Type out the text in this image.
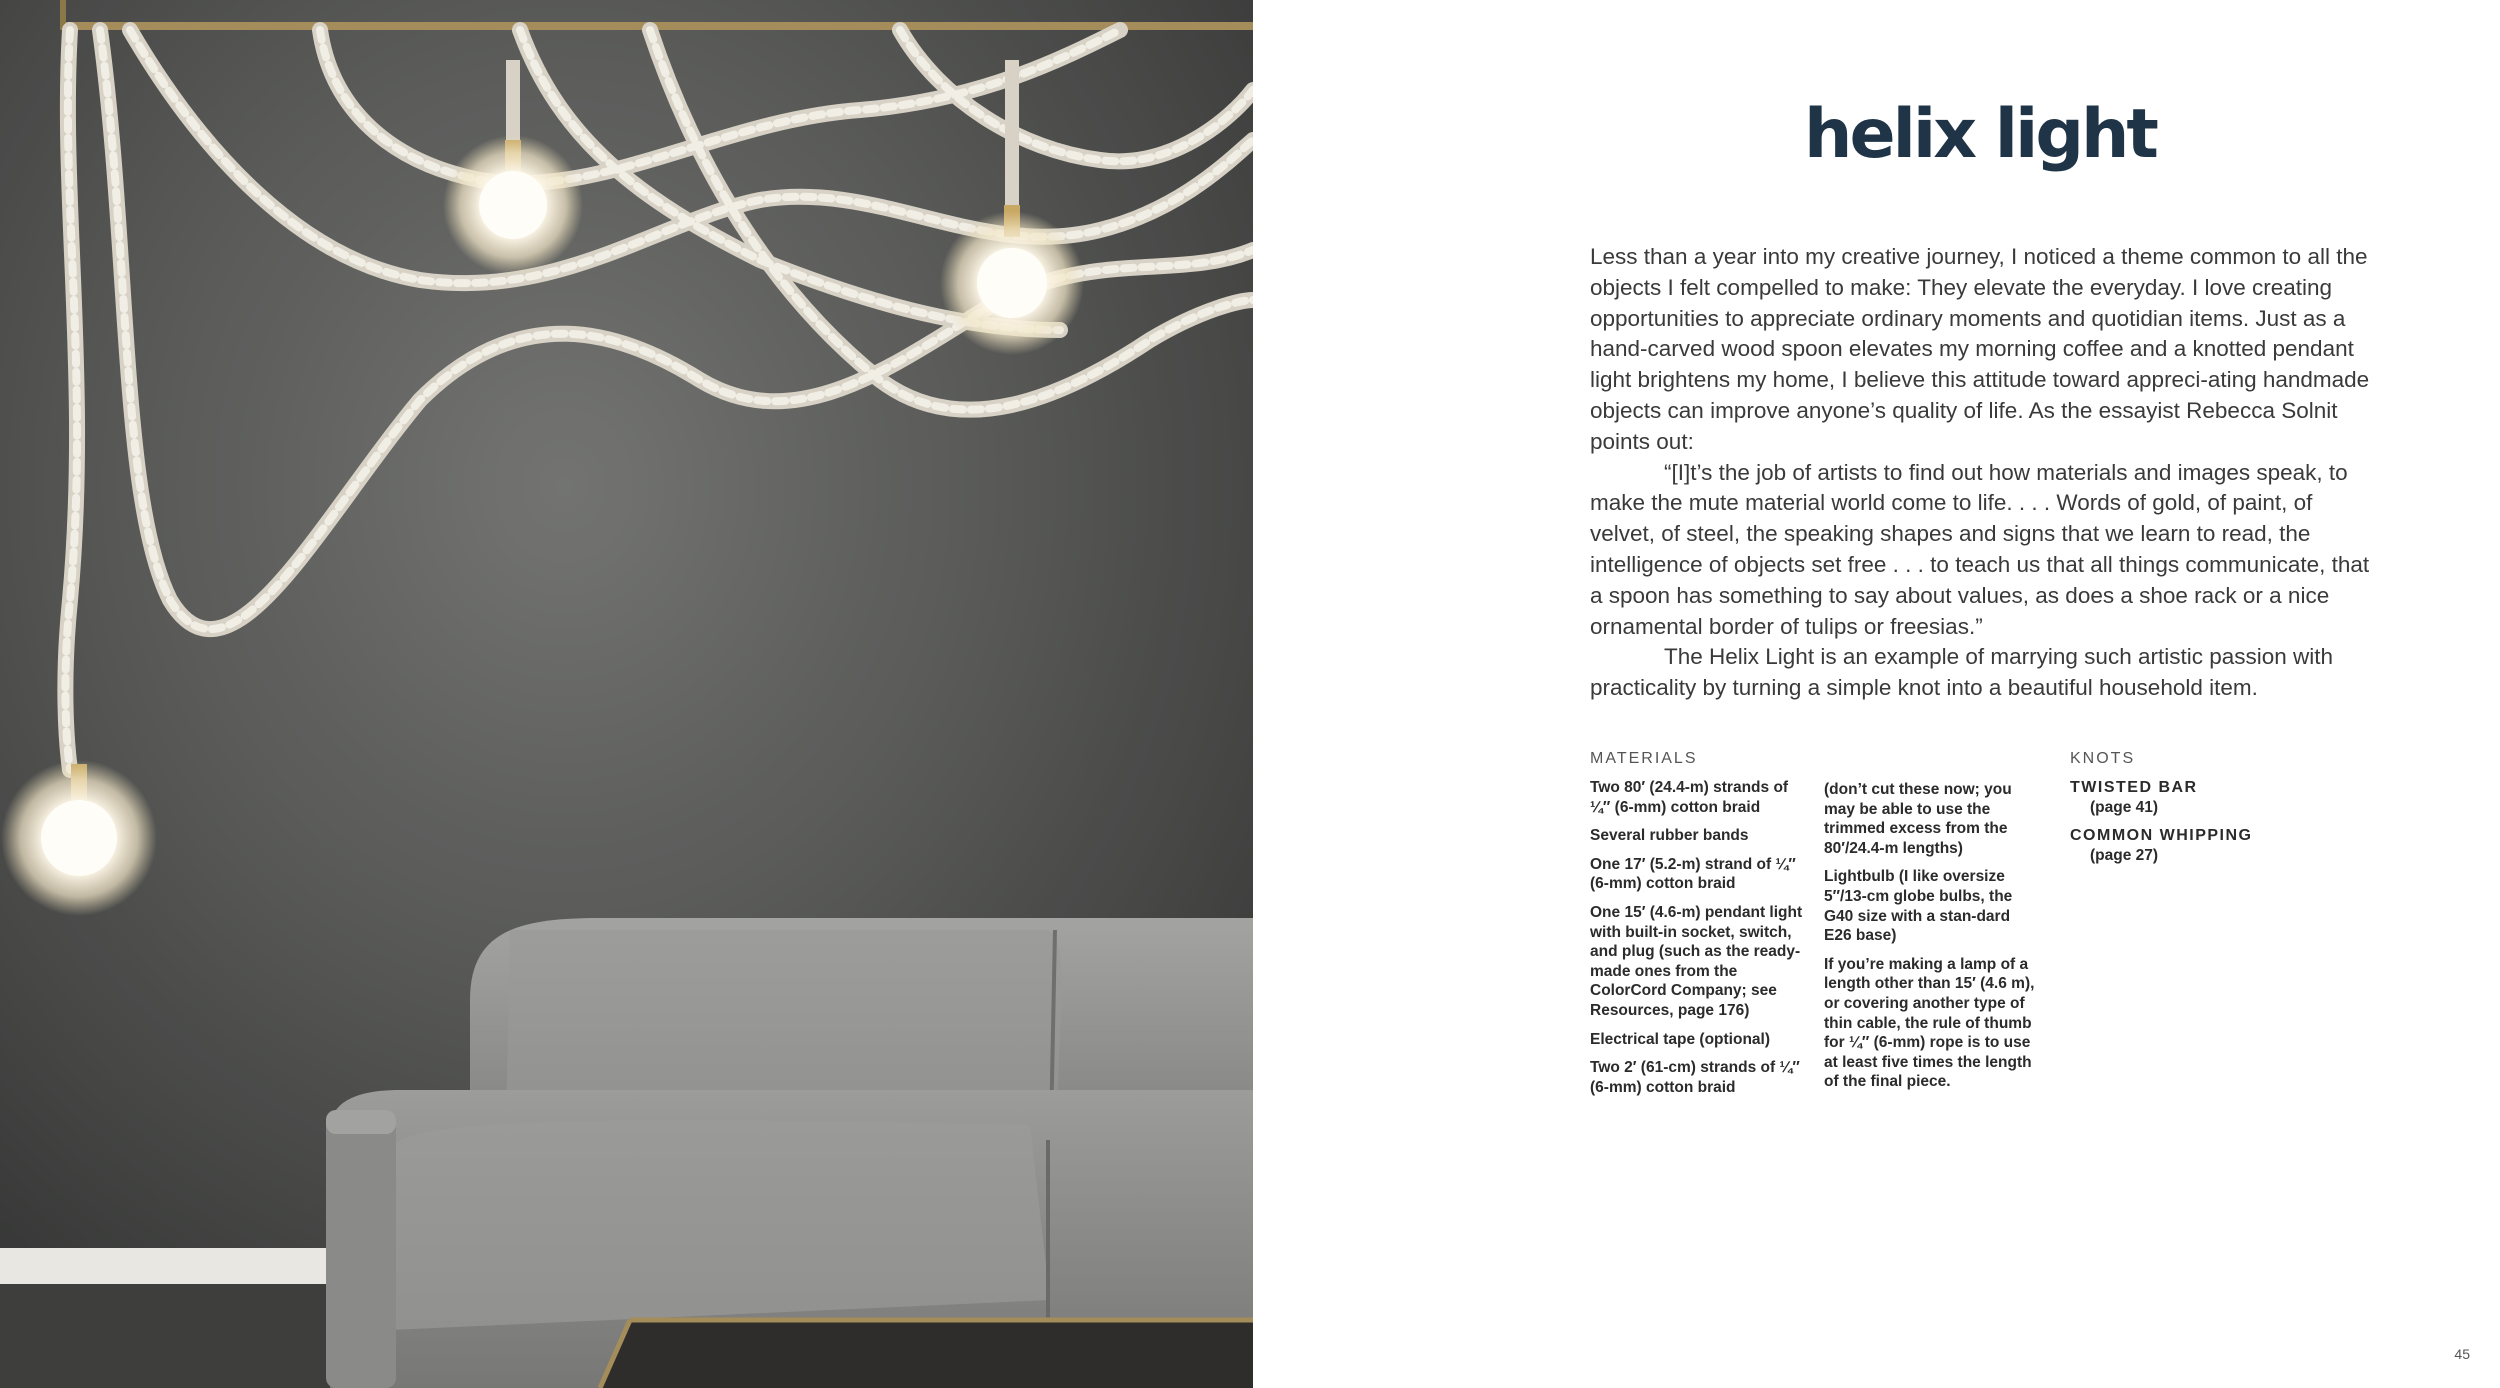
helix light

Less than a year into my creative journey, I noticed a theme common to all the objects I felt compelled to make: They elevate the everyday. I love creating opportunities to appreciate ordinary moments and quotidian items. Just as a hand-carved wood spoon elevates my morning coffee and a knotted pendant light brightens my home, I believe this attitude toward appreci-ating handmade objects can improve anyone’s quality of life. As the essayist Rebecca Solnit points out:

“[I]t’s the job of artists to find out how materials and images speak, to make the mute material world come to life. . . . Words of gold, of paint, of velvet, of steel, the speaking shapes and signs that we learn to read, the intelligence of objects set free . . . to teach us that all things communicate, that a spoon has something to say about values, as does a shoe rack or a nice ornamental border of tulips or freesias.”

The Helix Light is an example of marrying such artistic passion with practicality by turning a simple knot into a beautiful household item.

MATERIALS

Two 80′ (24.4-m) strands of ¼″ (6-mm) cotton braid

Several rubber bands

One 17′ (5.2-m) strand of ¼″ (6-mm) cotton braid

One 15′ (4.6-m) pendant light with built-in socket, switch, and plug (such as the ready-made ones from the ColorCord Company; see Resources, page 176)

Electrical tape (optional)

Two 2′ (61-cm) strands of ¼″ (6-mm) cotton braid

(don’t cut these now; you may be able to use the trimmed excess from the 80′/24.4-m lengths)

Lightbulb (I like oversize 5″/13-cm globe bulbs, the G40 size with a stan-dard E26 base)

If you’re making a lamp of a length other than 15′ (4.6 m), or covering another type of thin cable, the rule of thumb for ¼″ (6-mm) rope is to use at least five times the length of the final piece.

KNOTS

TWISTED BAR

(page 41)

COMMON WHIPPING

(page 27)

45
